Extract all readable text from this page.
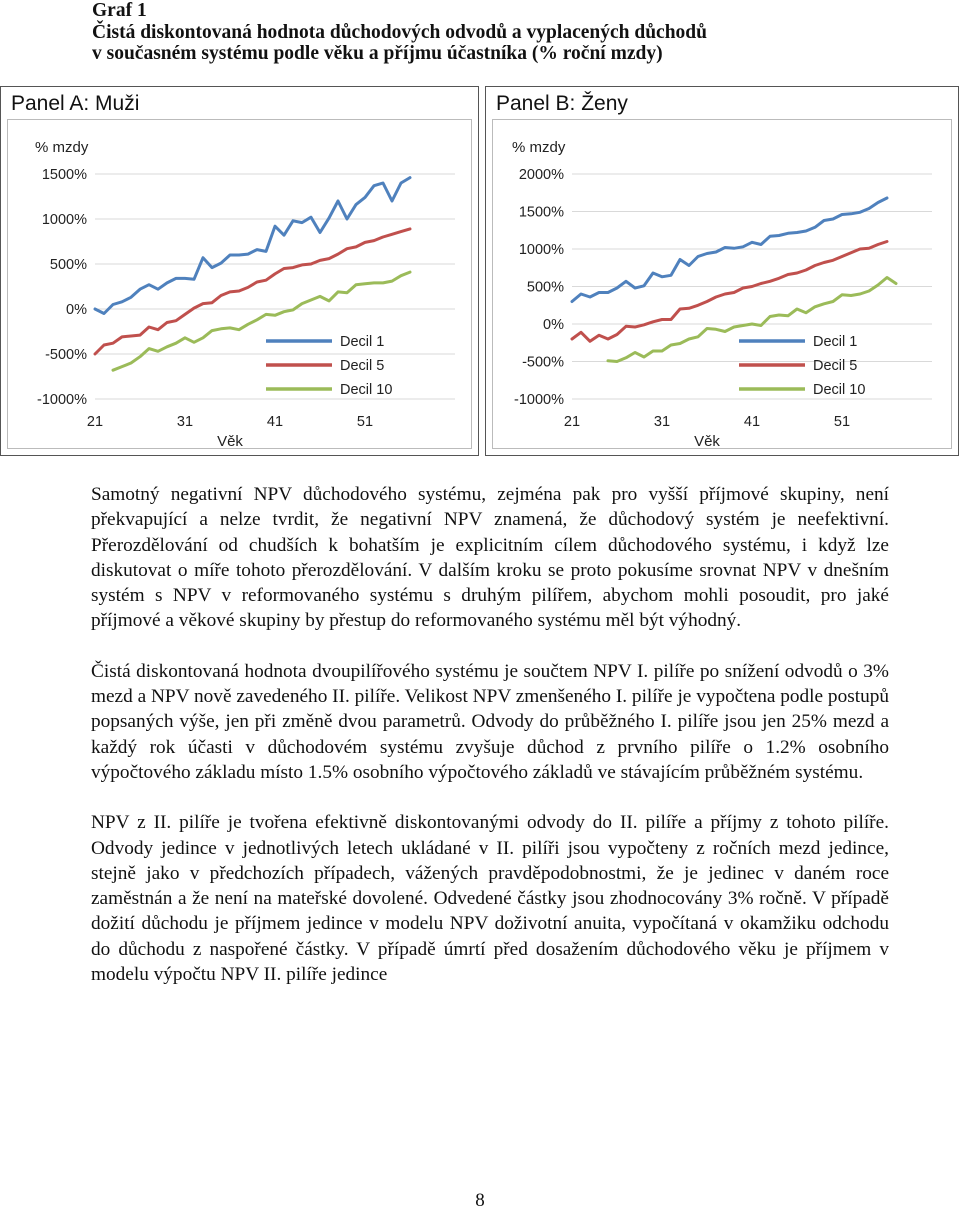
Graf 1
Čistá diskontovaná hodnota důchodových odvodů a vyplacených důchodů
v současném systému podle věku a příjmu účastníka (% roční mzdy)
Panel A: Muži
1500%
1000%
500%
0%
-500%
-1000%
% mzdy
21	31	41	51
Věk
Decil 1
Decil 5
Decil 10
Panel B: Ženy
2000%
1500%
1000%
500%
0%
-500%
-1000%
% mzdy
21	31	41	51
Věk
Decil 1
Decil 5
Decil 10

Samotný negativní NPV důchodového systému, zejména pak pro vyšší příjmové skupiny, není překvapující a nelze tvrdit, že negativní NPV znamená, že důchodový systém je neefektivní. Přerozdělování od chudších k bohatším je explicitním cílem důchodového systému, i když lze diskutovat o míře tohoto přerozdělování. V dalším kroku se proto pokusíme srovnat NPV v dnešním systém s NPV v reformovaného systému s druhým pilířem, abychom mohli posoudit, pro jaké příjmové a věkové skupiny by přestup do reformovaného systému měl být výhodný.

Čistá diskontovaná hodnota dvoupilířového systému je součtem NPV I. pilíře po snížení odvodů o 3% mezd a NPV nově zavedeného II. pilíře. Velikost NPV zmenšeného I. pilíře je vypočtena podle postupů popsaných výše, jen při změně dvou parametrů. Odvody do průběžného I. pilíře jsou jen 25% mezd a každý rok účasti v důchodovém systému zvyšuje důchod z prvního pilíře o 1.2% osobního výpočtového základu místo 1.5% osobního výpočtového základů ve stávajícím průběžném systému.

NPV z II. pilíře je tvořena efektivně diskontovanými odvody do II. pilíře a příjmy z tohoto pilíře. Odvody jedince v jednotlivých letech ukládané v II. pilíři jsou vypočteny z ročních mezd jedince, stejně jako v předchozích případech, vážených pravděpodobnostmi, že je jedinec v daném roce zaměstnán a že není na mateřské dovolené. Odvedené částky jsou zhodnocovány 3% ročně. V případě dožití důchodu je příjmem jedince v modelu NPV doživotní anuita, vypočítaná v okamžiku odchodu do důchodu z naspořené částky. V případě úmrtí před dosažením důchodového věku je příjmem v modelu výpočtu NPV II. pilíře jedince

8
